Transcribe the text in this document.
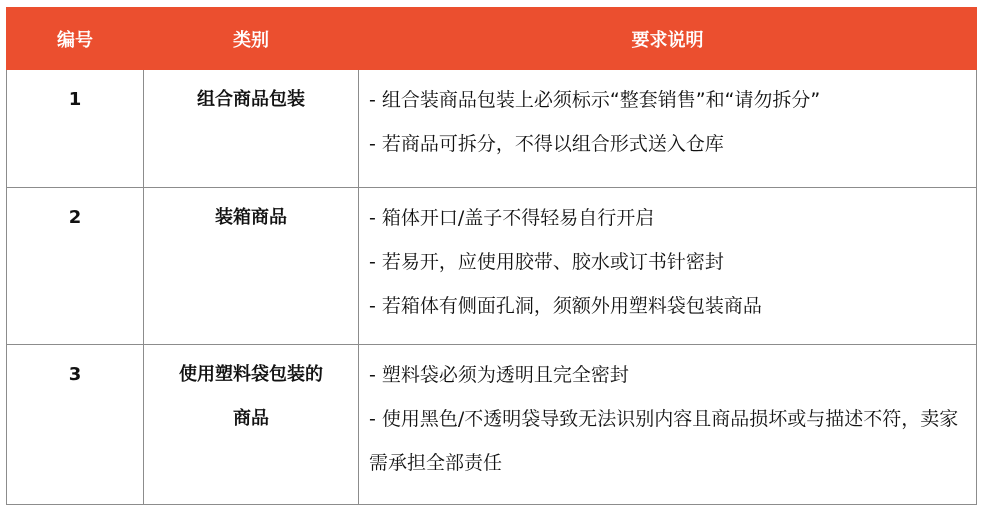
编号	类别	要求说明
1	组合商品包装	- 组合装商品包装上必须标示“整套销售”和“请勿拆分”
- 若商品可拆分，不得以组合形式送入仓库

2	装箱商品	- 箱体开口/盖子不得轻易自行开启
- 若易开，应使用胶带、胶水或订书针密封
- 若箱体有侧面孔洞，须额外用塑料袋包装商品

3	使用塑料袋包装的
商品	- 塑料袋必须为透明且完全密封
- 使用黑色/不透明袋导致无法识别内容且商品损坏或与描述不符，卖家需承担全部责任
